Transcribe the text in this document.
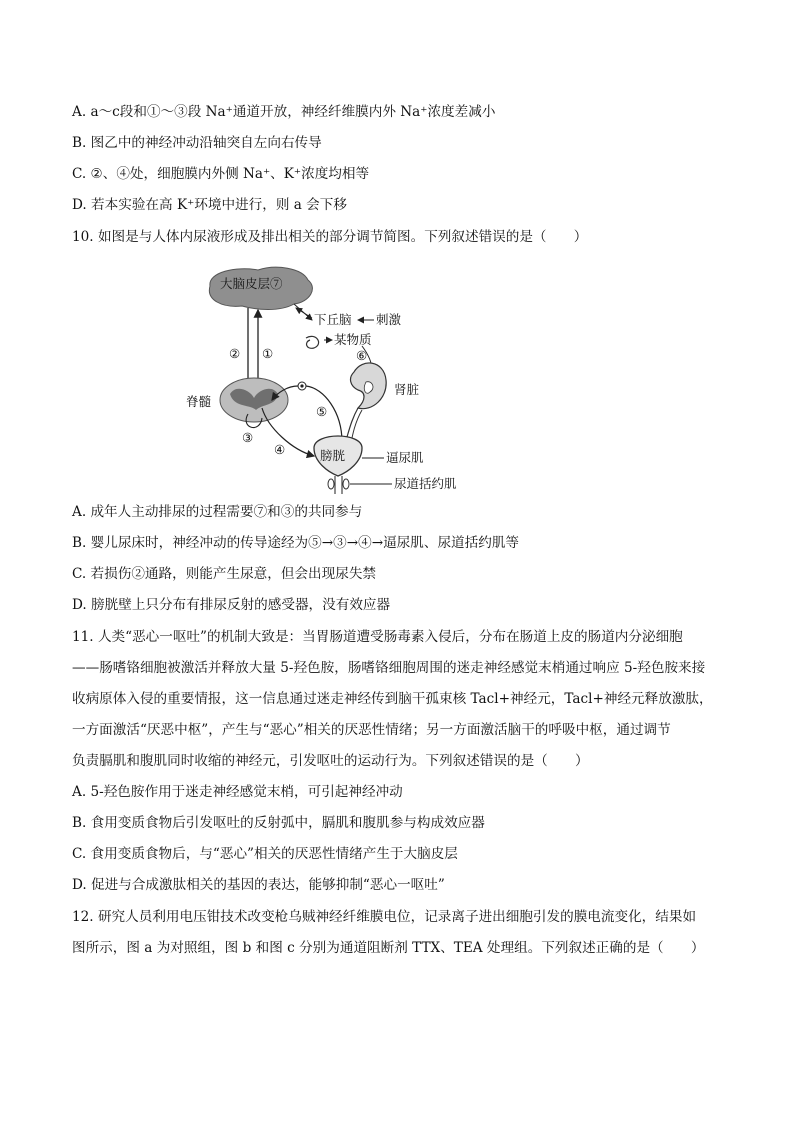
A. a～c段和①～③段 Na⁺通道开放，神经纤维膜内外 Na⁺浓度差减小
B. 图乙中的神经冲动沿轴突自左向右传导
C. ②、④处，细胞膜内外侧 Na⁺、K⁺浓度均相等
D. 若本实验在高 K⁺环境中进行，则 a 会下移
10. 如图是与人体内尿液形成及排出相关的部分调节简图。下列叙述错误的是（　　）
大脑皮层⑦
② ①
下丘脑 刺激
某物质
⑥
脊髓
肾脏
⑤
④
③
膀胱	逼尿肌
尿道括约肌
A. 成年人主动排尿的过程需要⑦和③的共同参与
B. 婴儿尿床时，神经冲动的传导途经为⑤→③→④→逼尿肌、尿道括约肌等
C. 若损伤②通路，则能产生尿意，但会出现尿失禁
D. 膀胱壁上只分布有排尿反射的感受器，没有效应器
11. 人类“恶心一呕吐”的机制大致是：当胃肠道遭受肠毒素入侵后，分布在肠道上皮的肠道内分泌细胞
——肠嗜铬细胞被激活并释放大量 5-羟色胺，肠嗜铬细胞周围的迷走神经感觉末梢通过响应 5-羟色胺来接
收病原体入侵的重要情报，这一信息通过迷走神经传到脑干孤束核 Tacl+神经元，Tacl+神经元释放激肽，
一方面激活“厌恶中枢”，产生与“恶心”相关的厌恶性情绪；另一方面激活脑干的呼吸中枢，通过调节
负责膈肌和腹肌同时收缩的神经元，引发呕吐的运动行为。下列叙述错误的是（　　）
A. 5-羟色胺作用于迷走神经感觉末梢，可引起神经冲动
B. 食用变质食物后引发呕吐的反射弧中，膈肌和腹肌参与构成效应器
C. 食用变质食物后，与“恶心”相关的厌恶性情绪产生于大脑皮层
D. 促进与合成激肽相关的基因的表达，能够抑制“恶心一呕吐”
12. 研究人员利用电压钳技术改变枪乌贼神经纤维膜电位，记录离子进出细胞引发的膜电流变化，结果如
图所示，图 a 为对照组，图 b 和图 c 分别为通道阻断剂 TTX、TEA 处理组。下列叙述正确的是（　　）
